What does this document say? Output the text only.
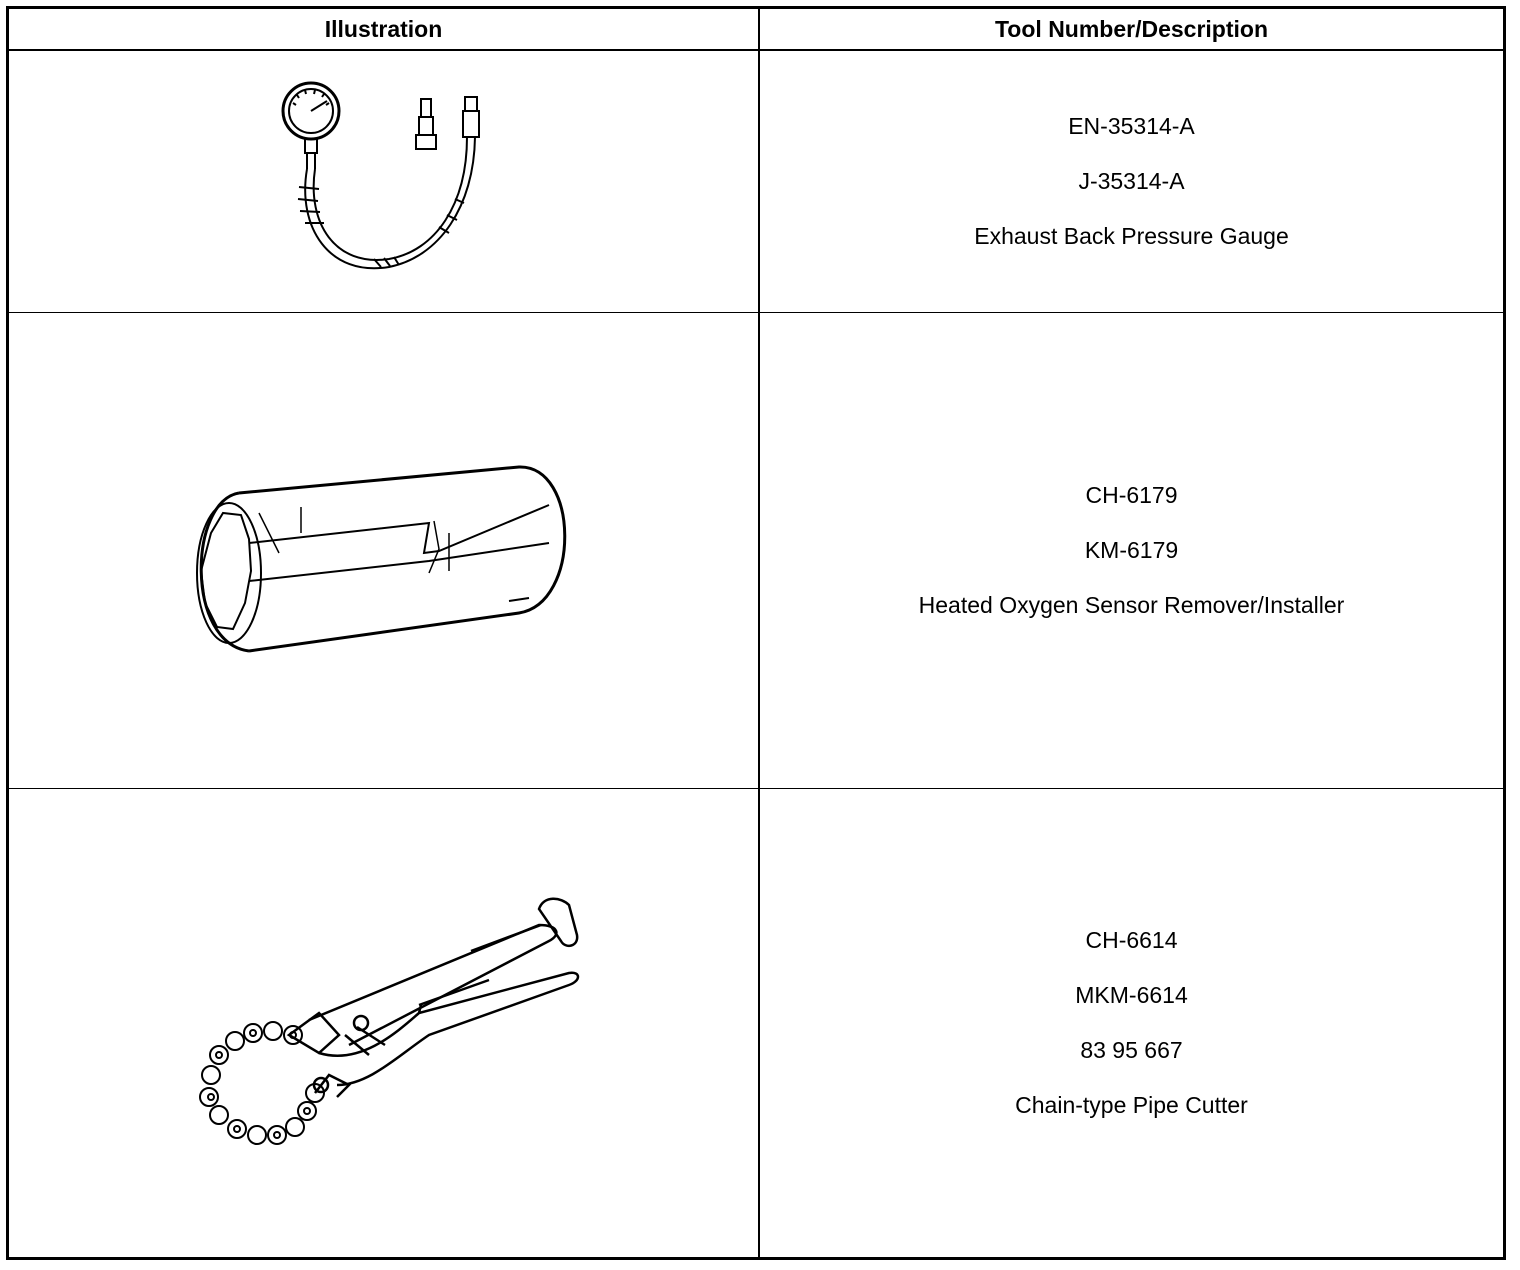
Illustration	Tool Number/Description
EN-35314-A
J-35314-A
Exhaust Back Pressure Gauge
CH-6179
KM-6179
Heated Oxygen Sensor Remover/Installer
CH-6614
MKM-6614
83 95 667
Chain-type Pipe Cutter
